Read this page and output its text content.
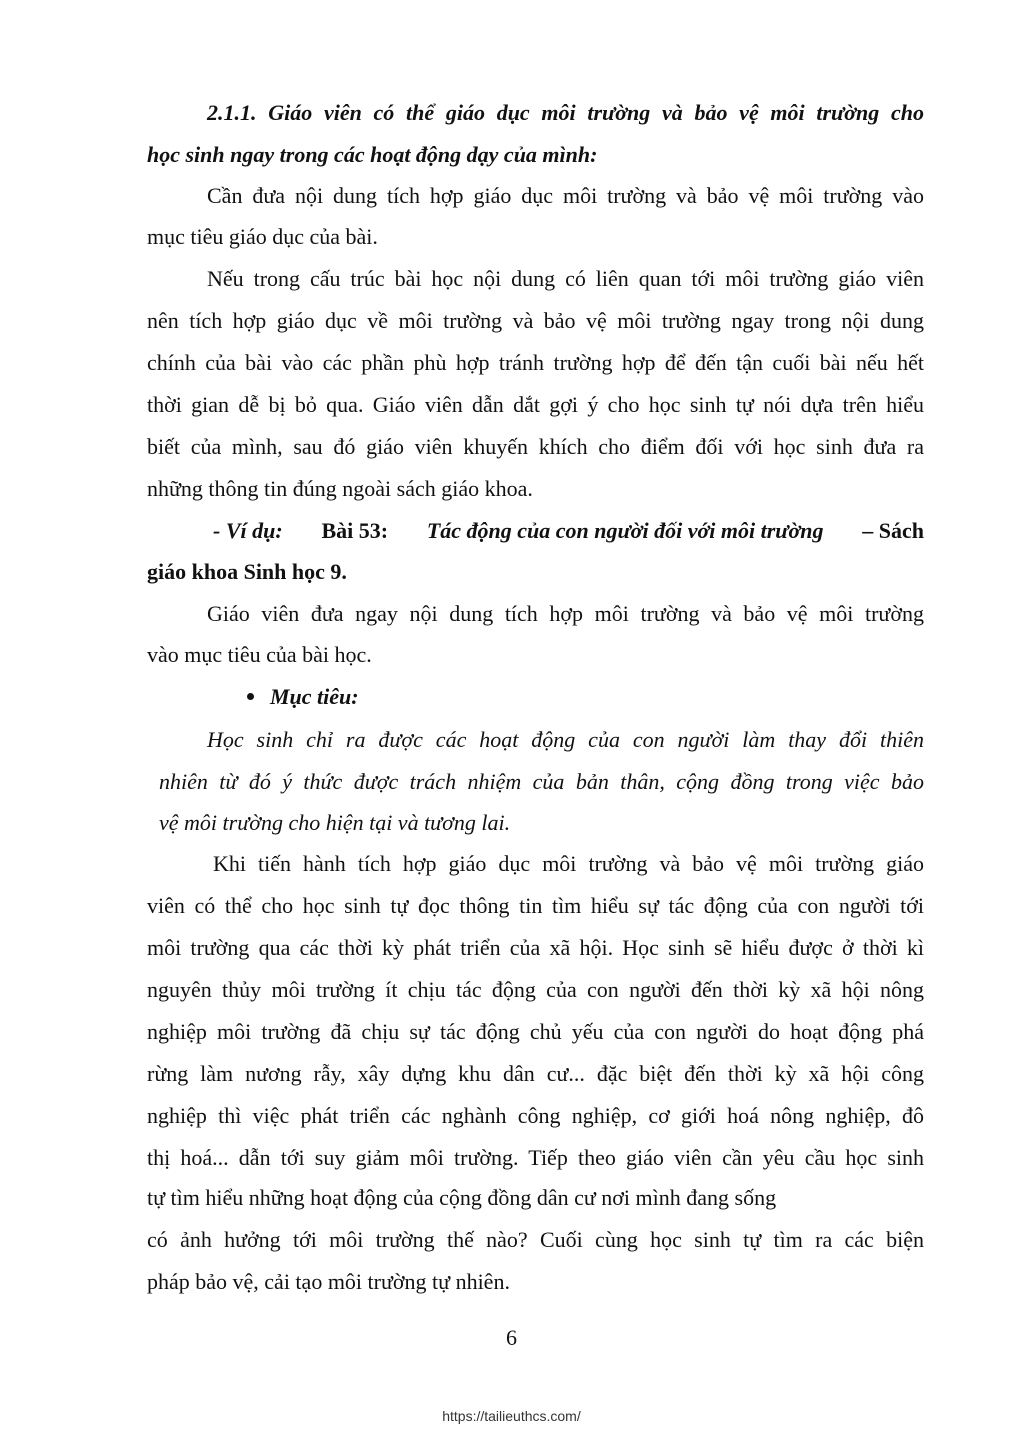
2.1.1. Giáo viên có thể giáo dục môi trường và bảo vệ môi trường cho
học sinh ngay trong các hoạt động dạy của mình:
Cần đưa nội dung tích hợp giáo dục môi trường và bảo vệ môi trường vào
mục tiêu giáo dục của bài.
Nếu trong cấu trúc bài học nội dung có liên quan tới môi trường giáo viên
nên tích hợp giáo dục về môi trường và bảo vệ môi trường ngay trong nội dung
chính của bài vào các phần phù hợp tránh trường hợp để đến tận cuối bài nếu hết
thời gian dễ bị bỏ qua. Giáo viên dẫn dắt gợi ý cho học sinh tự nói dựa trên hiểu
biết của mình, sau đó giáo viên khuyến khích cho điểm đối với học sinh đưa ra
những thông tin đúng ngoài sách giáo khoa.
- Ví dụ: Bài 53: Tác động của con người đối với môi trường – Sách
giáo khoa Sinh học 9.
Giáo viên đưa ngay nội dung tích hợp môi trường và bảo vệ môi trường
vào mục tiêu của bài học.
Mục tiêu:
Học sinh chỉ ra được các hoạt động của con người làm thay đổi thiên
nhiên từ đó ý thức được trách nhiệm của bản thân, cộng đồng trong việc bảo
vệ môi trường cho hiện tại và tương lai.
Khi tiến hành tích hợp giáo dục môi trường và bảo vệ môi trường giáo
viên có thể cho học sinh tự đọc thông tin tìm hiểu sự tác động của con người tới
môi trường qua các thời kỳ phát triển của xã hội. Học sinh sẽ hiểu được ở thời kì
nguyên thủy môi trường ít chịu tác động của con người đến thời kỳ xã hội nông
nghiệp môi trường đã chịu sự tác động chủ yếu của con người do hoạt động phá
rừng làm nương rẫy, xây dựng khu dân cư... đặc biệt đến thời kỳ xã hội công
nghiệp thì việc phát triển các nghành công nghiệp, cơ giới hoá nông nghiệp, đô
thị hoá... dẫn tới suy giảm môi trường. Tiếp theo giáo viên cần yêu cầu học sinh
tự tìm hiểu những hoạt động của cộng đồng dân cư nơi mình đang sống
có ảnh hưởng tới môi trường thế nào? Cuối cùng học sinh tự tìm ra các biện
pháp bảo vệ, cải tạo môi trường tự nhiên.
6
https://tailieuthcs.com/
